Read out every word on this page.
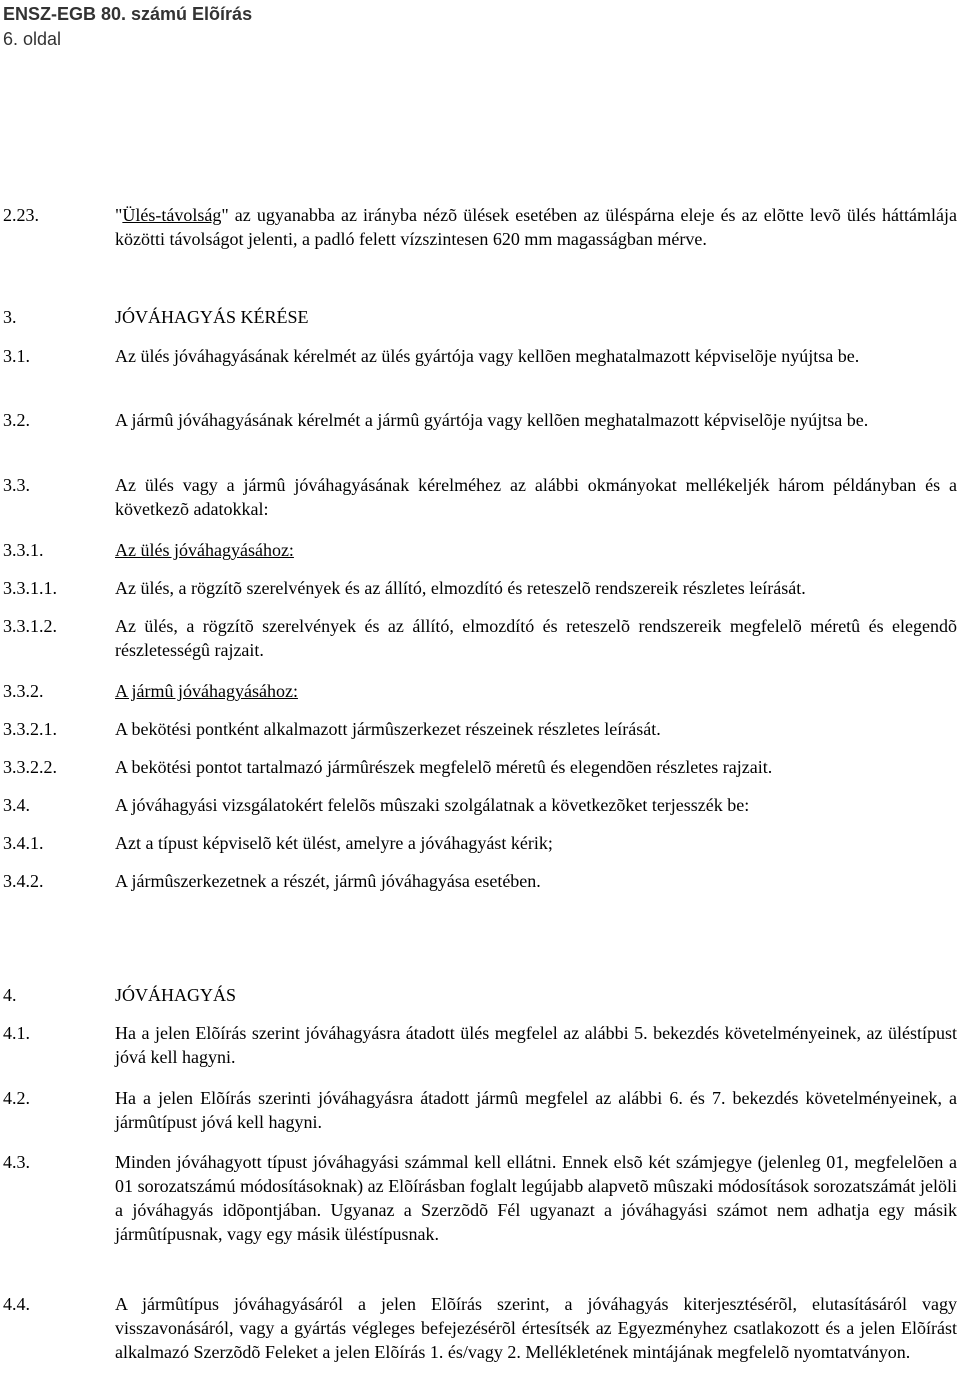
ENSZ-EGB 80. számú Elõírás
6. oldal
2.23.	"Ülés-távolság" az ugyanabba az irányba nézõ ülések esetében az üléspárna eleje és az elõtte levõ ülés háttámlája közötti távolságot jelenti, a padló felett vízszintesen 620 mm magasságban mérve.
3.	JÓVÁHAGYÁS KÉRÉSE
3.1.	Az ülés jóváhagyásának kérelmét az ülés gyártója vagy kellõen meghatalmazott képviselõje nyújtsa be.
3.2.	A jármû jóváhagyásának kérelmét a jármû gyártója vagy kellõen meghatalmazott képviselõje nyújtsa be.
3.3.	Az ülés vagy a jármû jóváhagyásának kérelméhez az alábbi okmányokat mellékeljék három példányban és a következõ adatokkal:
3.3.1.	Az ülés jóváhagyásához:
3.3.1.1.	Az ülés, a rögzítõ szerelvények és az állító, elmozdító és reteszelõ rendszereik részletes leírását.
3.3.1.2.	Az ülés, a rögzítõ szerelvények és az állító, elmozdító és reteszelõ rendszereik megfelelõ méretû és elegendõ részletességû rajzait.
3.3.2.	A jármû jóváhagyásához:
3.3.2.1.	A bekötési pontként alkalmazott jármûszerkezet részeinek részletes leírását.
3.3.2.2.	A bekötési pontot tartalmazó jármûrészek megfelelõ méretû és elegendõen részletes rajzait.
3.4.	A jóváhagyási vizsgálatokért felelõs mûszaki szolgálatnak a következõket terjesszék be:
3.4.1.	Azt a típust képviselõ két ülést, amelyre a jóváhagyást kérik;
3.4.2.	A jármûszerkezetnek a részét, jármû jóváhagyása esetében.
4.	JÓVÁHAGYÁS
4.1.	Ha a jelen Elõírás szerint jóváhagyásra átadott ülés megfelel az alábbi 5. bekezdés követelményeinek, az üléstípust jóvá kell hagyni.
4.2.	Ha a jelen Elõírás szerinti jóváhagyásra átadott jármû megfelel az alábbi 6. és 7. bekezdés követelményeinek, a jármûtípust jóvá kell hagyni.
4.3.	Minden jóváhagyott típust jóváhagyási számmal kell ellátni. Ennek elsõ két számjegye (jelenleg 01, megfelelõen a 01 sorozatszámú módosításoknak) az Elõírásban foglalt legújabb alapvetõ mûszaki módosítások sorozatszámát jelöli a jóváhagyás idõpontjában. Ugyanaz a Szerzõdõ Fél ugyanazt a jóváhagyási számot nem adhatja egy másik jármûtípusnak, vagy egy másik üléstípusnak.
4.4.	A jármûtípus jóváhagyásáról a jelen Elõírás szerint, a jóváhagyás kiterjesztésérõl, elutasításáról vagy visszavonásáról, vagy a gyártás végleges befejezésérõl értesítsék az Egyezményhez csatlakozott és a jelen Elõírást alkalmazó Szerzõdõ Feleket a jelen Elõírás 1. és/vagy 2. Mellékletének mintájának megfelelõ nyomtatványon.
